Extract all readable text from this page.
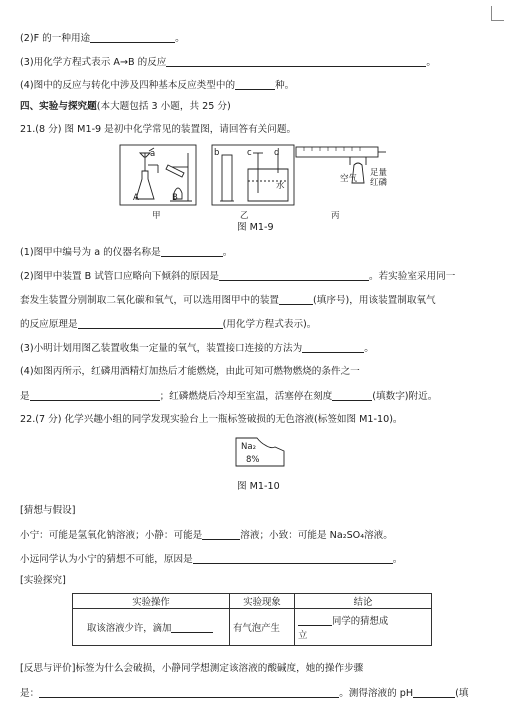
(2)F 的一种用途	。
(3)用化学方程式表示 A→B 的反应	。
(4)图中的反应与转化中涉及四种基本反应类型中的	种。
四、实验与探究题(本大题包括 3 小题，共 25 分)
21.(8 分) 图 M1-9 是初中化学常见的装置图，请回答有关问题。
a
A	B
甲
b	c	d
水
乙
空气
足量
红磷
丙
图 M1-9
(1)图甲中编号为 a 的仪器名称是	。
(2)图甲中装置 B 试管口应略向下倾斜的原因是	。若实验室采用同一
套发生装置分别制取二氧化碳和氧气，可以选用图甲中的装置	(填序号)，用该装置制取氧气
的反应原理是	(用化学方程式表示)。
(3)小明计划用图乙装置收集一定量的氧气，装置接口连接的方法为	。
(4)如图丙所示，红磷用酒精灯加热后才能燃烧，由此可知可燃物燃烧的条件之一
是	；红磷燃烧后冷却至室温，活塞停在刻度	(填数字)附近。
22.(7 分) 化学兴趣小组的同学发现实验台上一瓶标签破损的无色溶液(标签如图 M1-10)。
Na₂
8%
图 M1-10
[猜想与假设]
小宁：可能是氢氧化钠溶液；小静：可能是	溶液；小致：可能是 Na₂SO₄溶液。
小远同学认为小宁的猜想不可能，原因是	。
[实验探究]
实验操作	实验现象	结论
取该溶液少许，滴加	有气泡产生	同学的猜想成
立
[反思与评价]标签为什么会破损，小静同学想测定该溶液的酸碱度，她的操作步骤
是：	。测得溶液的 pH	(填
